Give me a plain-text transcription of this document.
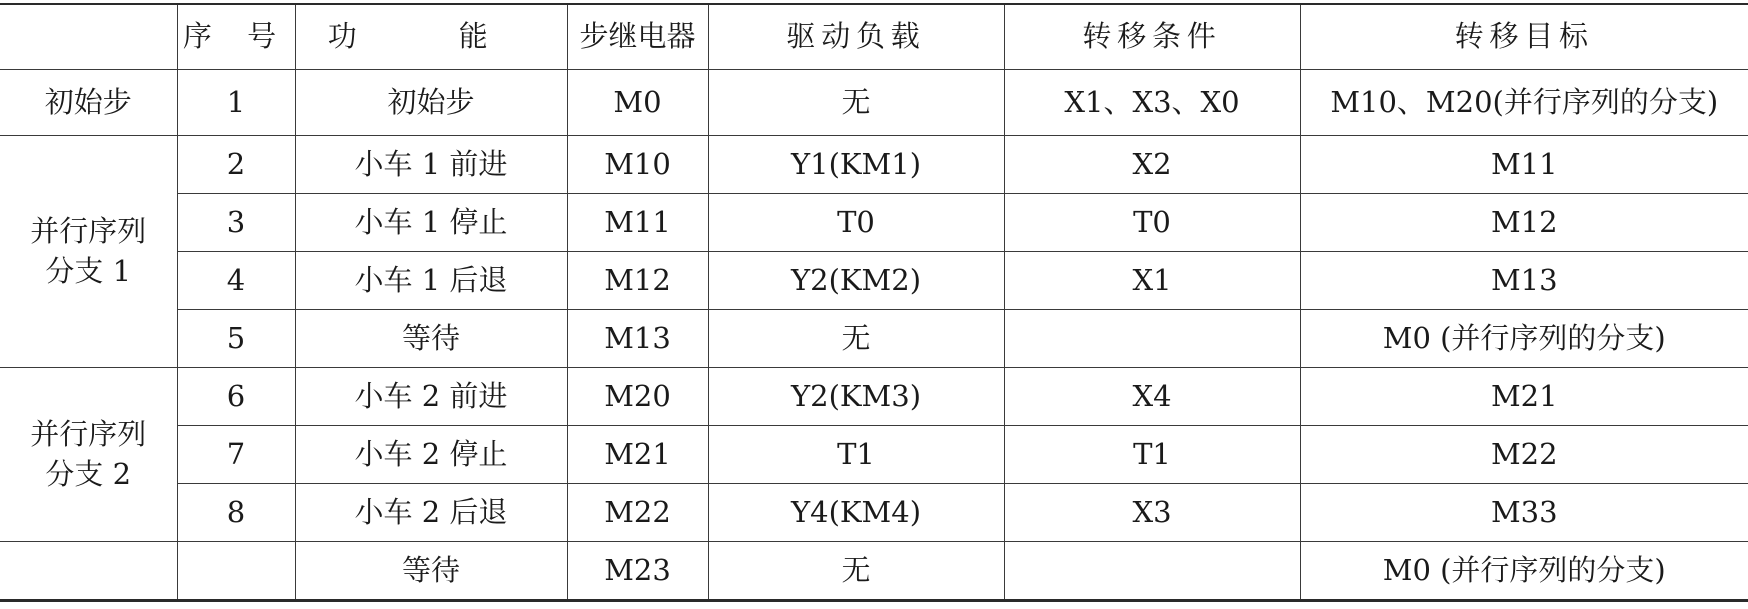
	序 号	功 能	步继电器	驱动负载	转移条件	转移目标
初始步	1	初始步	M0	无	X1、X3、X0	M10、M20(并行序列的分支)

并行序列
分支 1	2	小车 1 前进	M10	Y1(KM1)	X2	M11
	3	小车 1 停止	M11	T0	T0	M12
	4	小车 1 后退	M12	Y2(KM2)	X1	M13
	5	等待	M13	无		M0 (并行序列的分支)

并行序列
分支 2	6	小车 2 前进	M20	Y2(KM3)	X4	M21
	7	小车 2 停止	M21	T1	T1	M22
	8	小车 2 后退	M22	Y4(KM4)	X3	M33
		等待	M23	无		M0 (并行序列的分支)
